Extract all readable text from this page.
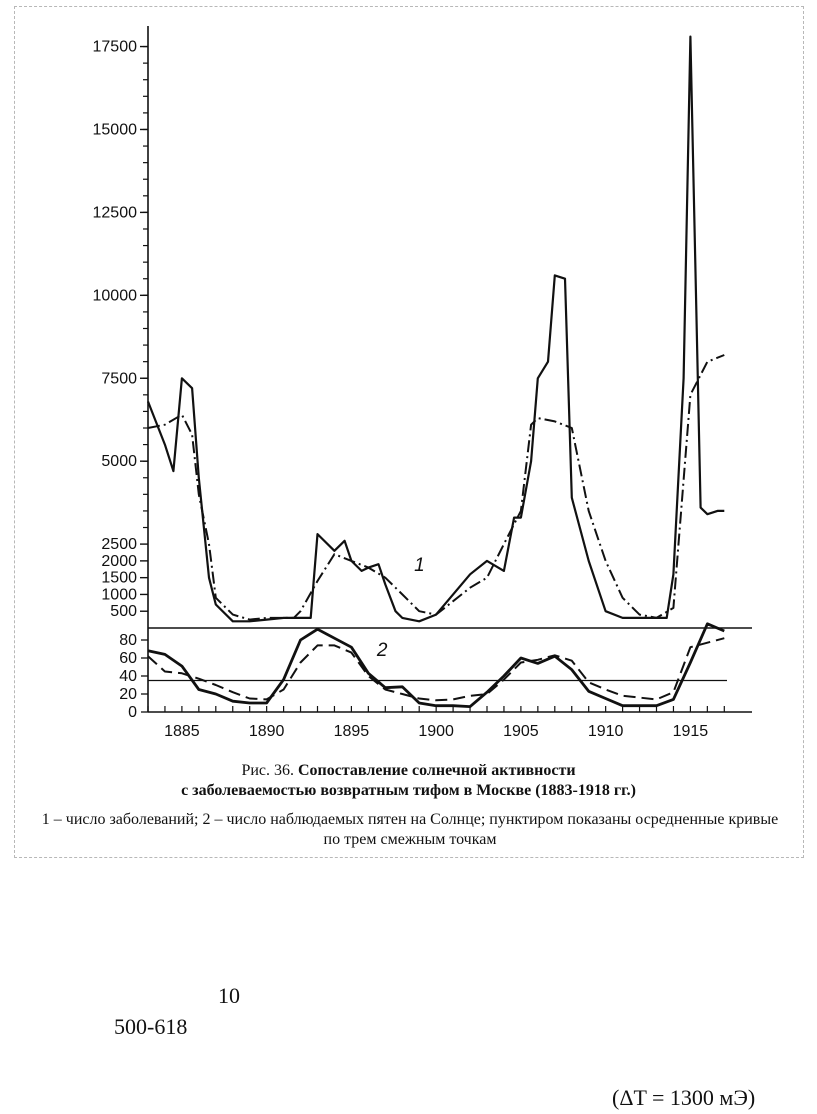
500
1000
1500
2000
2500
5000
7500
10000
12500
15000
17500
0
20
40
60
80
1885	1890	1895	1900	1905	1910	1915
1
2
Рис. 36. Сопоставление солнечной активности
с заболеваемостью возвратным тифом в Москве (1883-1918 гг.)
1 – число заболеваний; 2 – число наблюдаемых пятен на Солнце; пунктиром показаны осредненные кривые по трем смежным точкам
10
500-618
(ΔT = 1300 мЭ)
